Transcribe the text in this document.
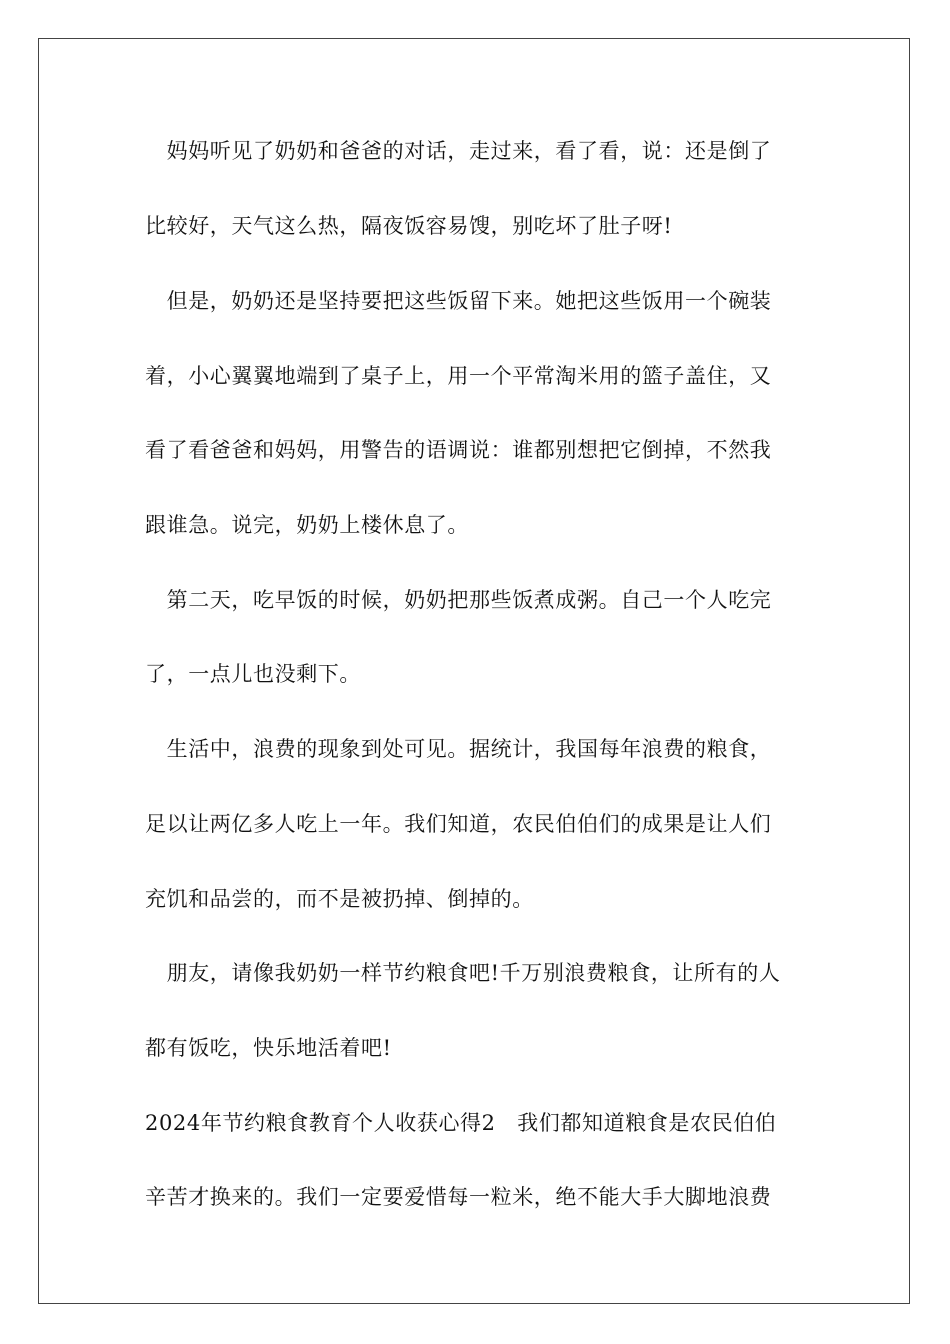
　妈妈听见了奶奶和爸爸的对话，走过来，看了看，说：还是倒了
比较好，天气这么热，隔夜饭容易馊，别吃坏了肚子呀!
　但是，奶奶还是坚持要把这些饭留下来。她把这些饭用一个碗装
着，小心翼翼地端到了桌子上，用一个平常淘米用的篮子盖住，又
看了看爸爸和妈妈，用警告的语调说：谁都别想把它倒掉，不然我
跟谁急。说完，奶奶上楼休息了。
　第二天，吃早饭的时候，奶奶把那些饭煮成粥。自己一个人吃完
了，一点儿也没剩下。
　生活中，浪费的现象到处可见。据统计，我国每年浪费的粮食，
足以让两亿多人吃上一年。我们知道，农民伯伯们的成果是让人们
充饥和品尝的，而不是被扔掉、倒掉的。
　朋友，请像我奶奶一样节约粮食吧!千万别浪费粮食，让所有的人
都有饭吃，快乐地活着吧!
2024年节约粮食教育个人收获心得2　我们都知道粮食是农民伯伯
辛苦才换来的。我们一定要爱惜每一粒米，绝不能大手大脚地浪费
